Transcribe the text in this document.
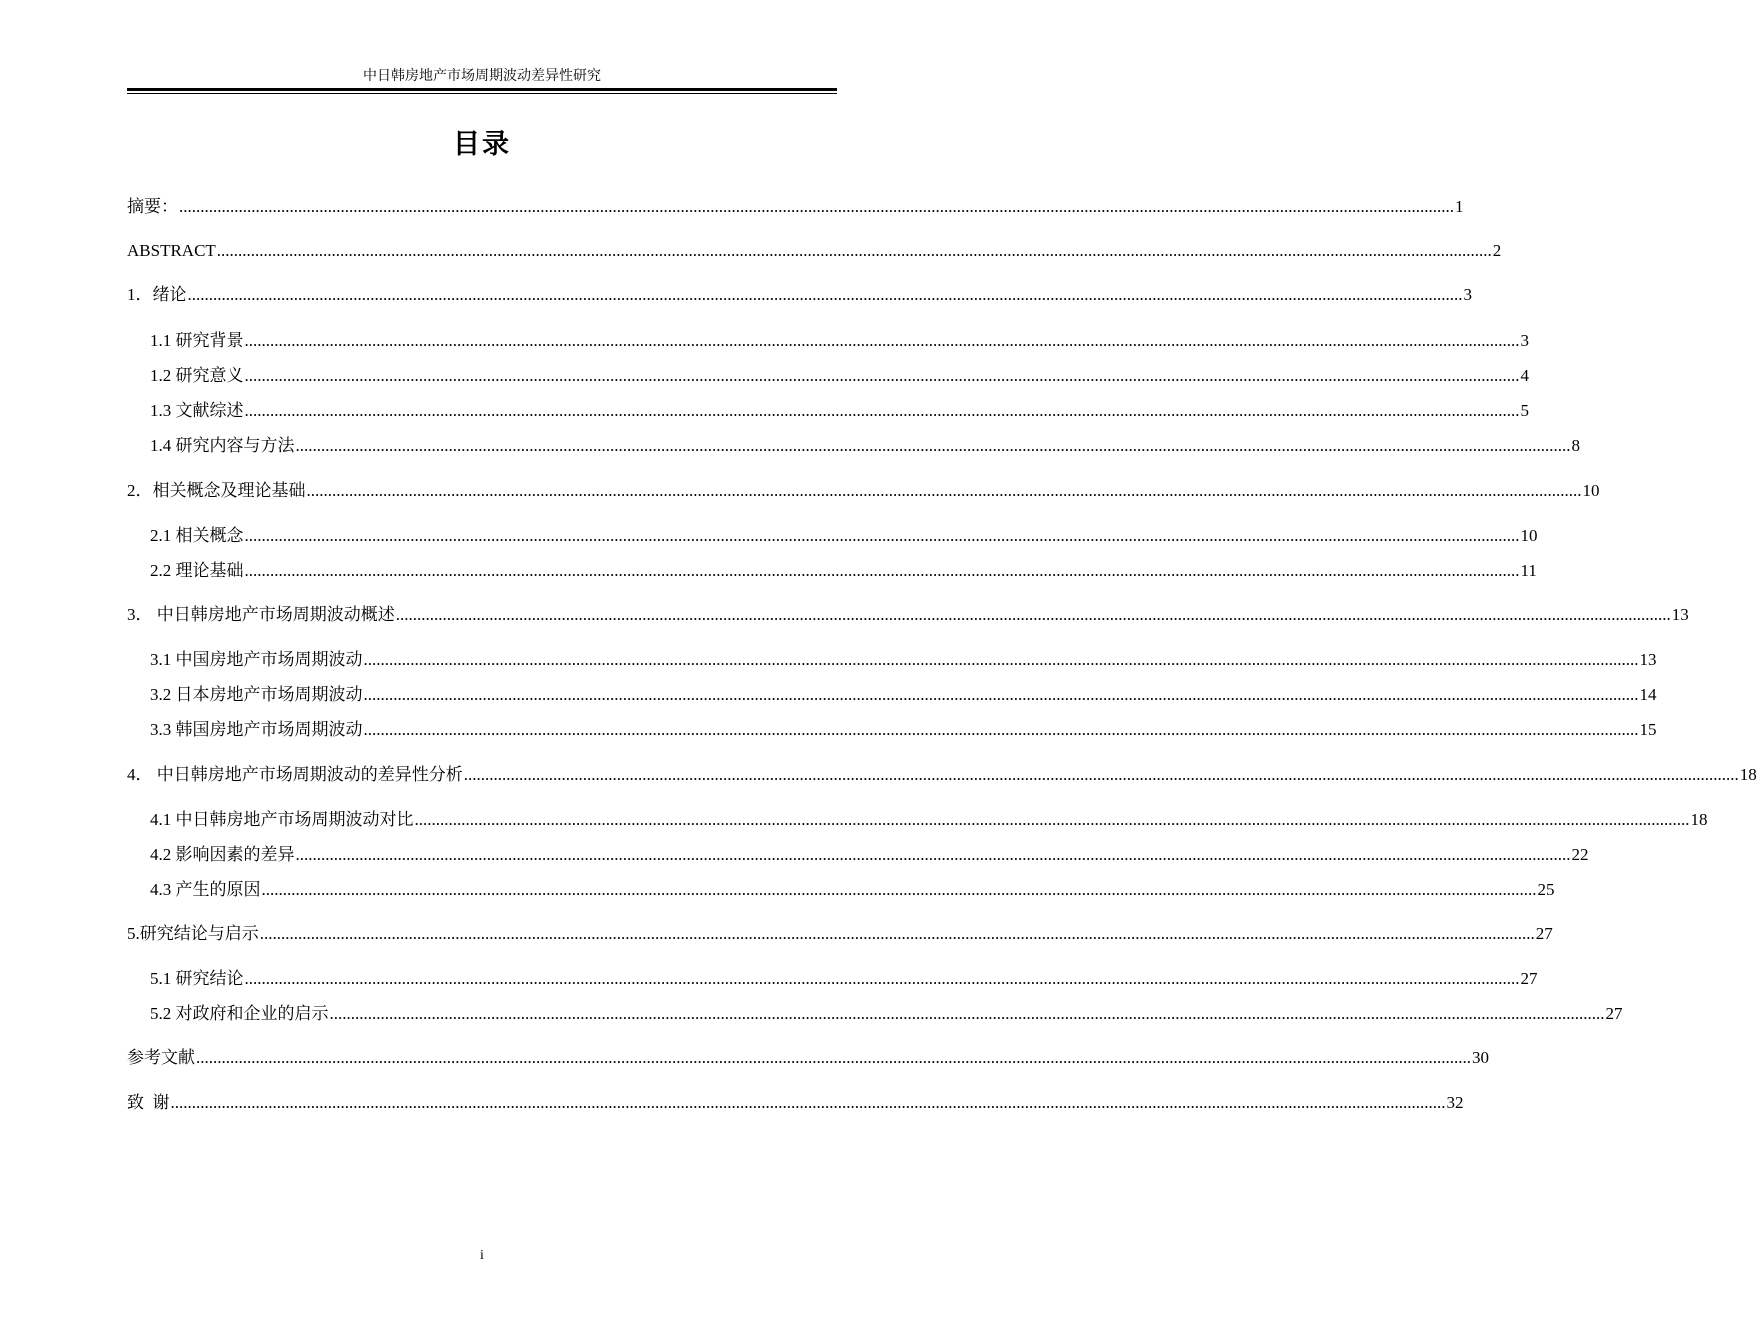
中日韩房地产市场周期波动差异性研究
目录
摘要： ............................................................................................................................................................................................................................................................................................................ 1
ABSTRACT ............................................................................................................................................................................................................................................................................................................ 2
1．绪论 ............................................................................................................................................................................................................................................................................................................ 3
1.1 研究背景 ............................................................................................................................................................................................................................................................................................................ 3
1.2 研究意义 ............................................................................................................................................................................................................................................................................................................ 4
1.3 文献综述 ............................................................................................................................................................................................................................................................................................................ 5
1.4 研究内容与方法 ............................................................................................................................................................................................................................................................................................................ 8
2．相关概念及理论基础 ............................................................................................................................................................................................................................................................................................................ 10
2.1 相关概念 ............................................................................................................................................................................................................................................................................................................ 10
2.2 理论基础 ............................................................................................................................................................................................................................................................................................................ 11
3． 中日韩房地产市场周期波动概述 ............................................................................................................................................................................................................................................................................................................ 13
3.1 中国房地产市场周期波动 ............................................................................................................................................................................................................................................................................................................ 13
3.2 日本房地产市场周期波动 ............................................................................................................................................................................................................................................................................................................ 14
3.3 韩国房地产市场周期波动 ............................................................................................................................................................................................................................................................................................................ 15
4． 中日韩房地产市场周期波动的差异性分析 ............................................................................................................................................................................................................................................................................................................ 18
4.1 中日韩房地产市场周期波动对比 ............................................................................................................................................................................................................................................................................................................ 18
4.2 影响因素的差异 ............................................................................................................................................................................................................................................................................................................ 22
4.3 产生的原因 ............................................................................................................................................................................................................................................................................................................ 25
5.研究结论与启示 ............................................................................................................................................................................................................................................................................................................ 27
5.1 研究结论 ............................................................................................................................................................................................................................................................................................................ 27
5.2 对政府和企业的启示 ............................................................................................................................................................................................................................................................................................................ 27
参考文献 ............................................................................................................................................................................................................................................................................................................ 30
致  谢 ............................................................................................................................................................................................................................................................................................................ 32
i
